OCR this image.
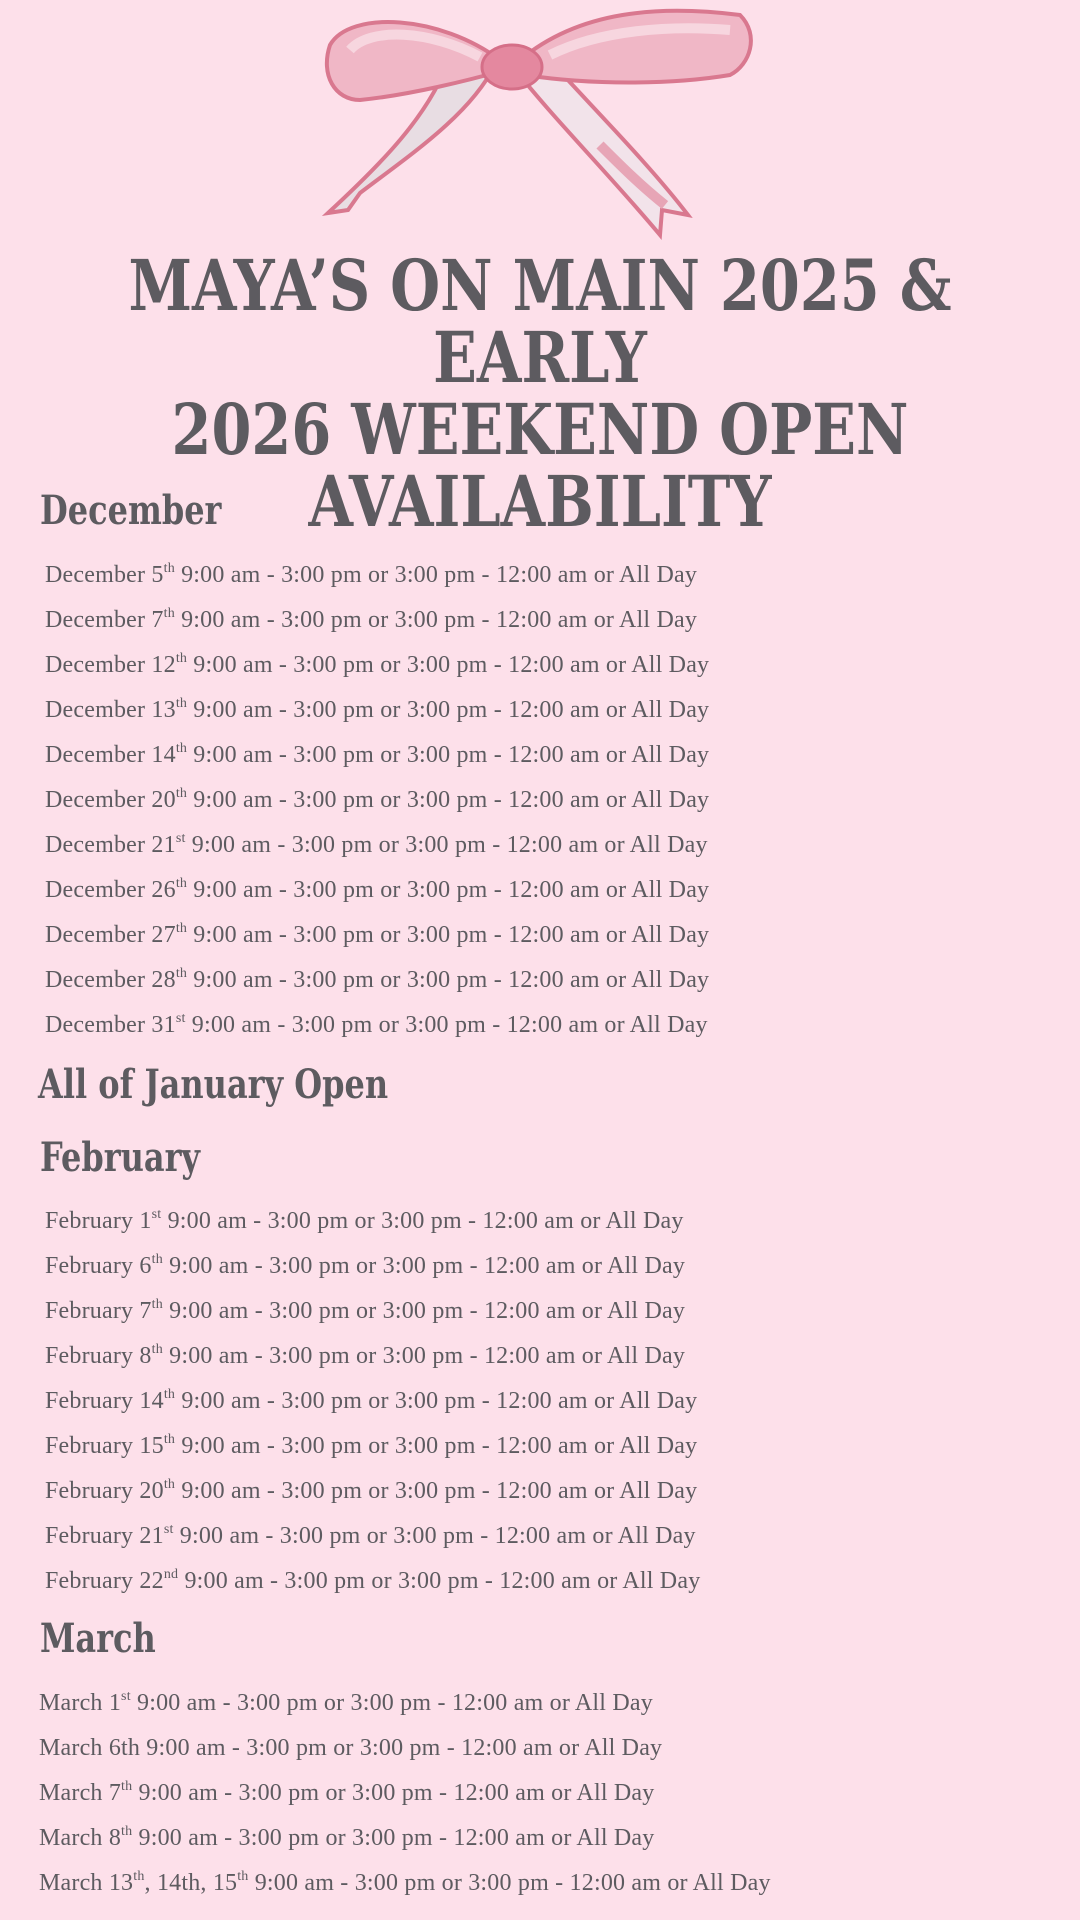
MAYA’S ON MAIN 2025 & EARLY
2026 WEEKEND OPEN
AVAILABILITY
December
December 5th 9:00 am - 3:00 pm or 3:00 pm - 12:00 am or All Day
December 7th 9:00 am - 3:00 pm or 3:00 pm - 12:00 am or All Day
December 12th 9:00 am - 3:00 pm or 3:00 pm - 12:00 am or All Day
December 13th 9:00 am - 3:00 pm or 3:00 pm - 12:00 am or All Day
December 14th 9:00 am - 3:00 pm or 3:00 pm - 12:00 am or All Day
December 20th 9:00 am - 3:00 pm or 3:00 pm - 12:00 am or All Day
December 21st 9:00 am - 3:00 pm or 3:00 pm - 12:00 am or All Day
December 26th 9:00 am - 3:00 pm or 3:00 pm - 12:00 am or All Day
December 27th 9:00 am - 3:00 pm or 3:00 pm - 12:00 am or All Day
December 28th 9:00 am - 3:00 pm or 3:00 pm - 12:00 am or All Day
December 31st 9:00 am - 3:00 pm or 3:00 pm - 12:00 am or All Day
All of January Open
February
February 1st 9:00 am - 3:00 pm or 3:00 pm - 12:00 am or All Day
February 6th 9:00 am - 3:00 pm or 3:00 pm - 12:00 am or All Day
February 7th 9:00 am - 3:00 pm or 3:00 pm - 12:00 am or All Day
February 8th 9:00 am - 3:00 pm or 3:00 pm - 12:00 am or All Day
February 14th 9:00 am - 3:00 pm or 3:00 pm - 12:00 am or All Day
February 15th 9:00 am - 3:00 pm or 3:00 pm - 12:00 am or All Day
February 20th 9:00 am - 3:00 pm or 3:00 pm - 12:00 am or All Day
February 21st 9:00 am - 3:00 pm or 3:00 pm - 12:00 am or All Day
February 22nd 9:00 am - 3:00 pm or 3:00 pm - 12:00 am or All Day
March
March 1st 9:00 am - 3:00 pm or 3:00 pm - 12:00 am or All Day
March 6th 9:00 am - 3:00 pm or 3:00 pm - 12:00 am or All Day
March 7th 9:00 am - 3:00 pm or 3:00 pm - 12:00 am or All Day
March 8th 9:00 am - 3:00 pm or 3:00 pm - 12:00 am or All Day
March 13th, 14th, 15th 9:00 am - 3:00 pm or 3:00 pm - 12:00 am or All Day
